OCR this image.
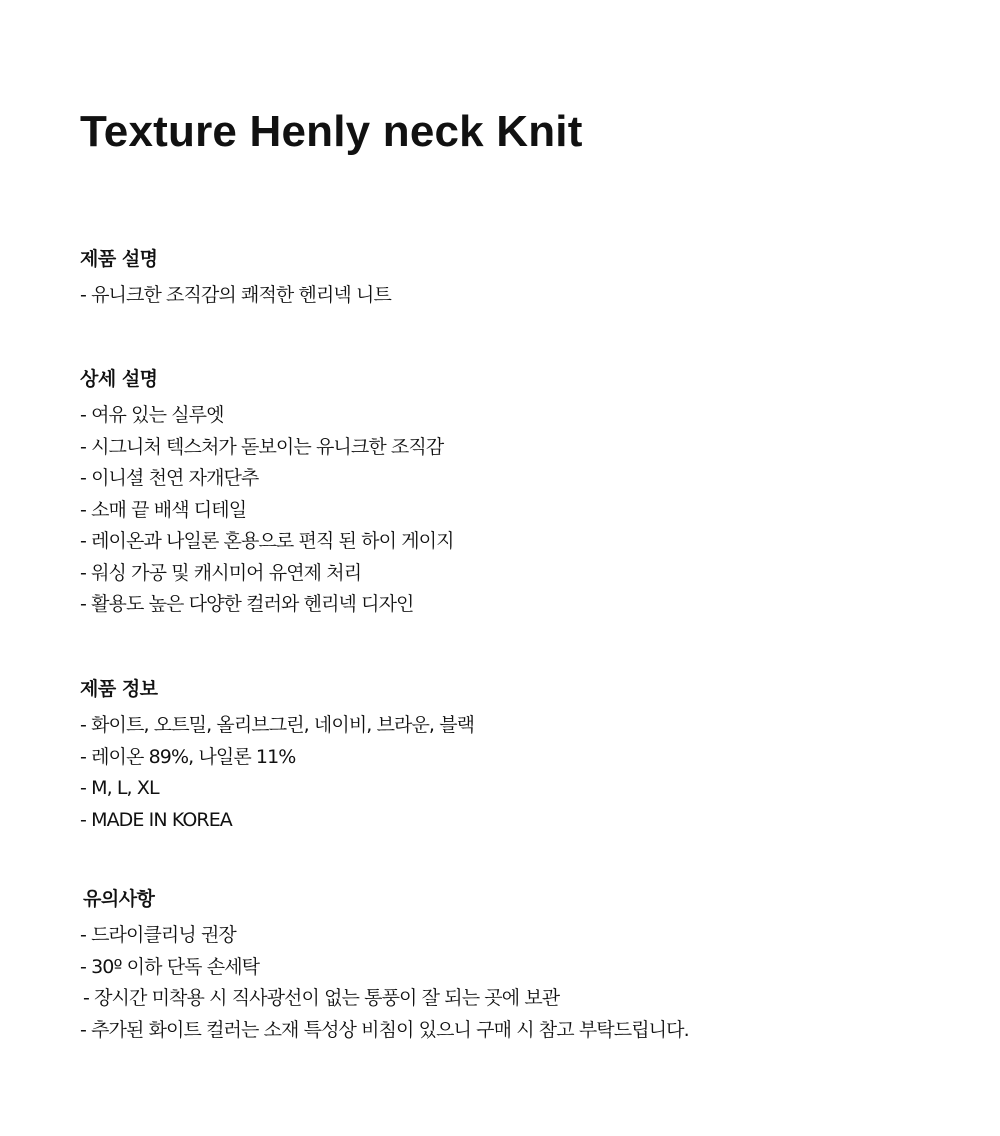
Texture Henly neck Knit
제품 설명
- 유니크한 조직감의 쾌적한 헨리넥 니트
상세 설명
- 여유 있는 실루엣
- 시그니처 텍스처가 돋보이는 유니크한 조직감
- 이니셜 천연 자개단추
- 소매 끝 배색 디테일
- 레이온과 나일론 혼용으로 편직 된 하이 게이지
- 워싱 가공 및 캐시미어 유연제 처리
- 활용도 높은 다양한 컬러와 헨리넥 디자인
제품 정보
- 화이트, 오트밀, 올리브그린, 네이비, 브라운, 블랙
- 레이온 89%, 나일론 11%
- M, L, XL
- MADE IN KOREA
유의사항
- 드라이클리닝 권장
- 30º 이하 단독 손세탁
- 장시간 미착용 시 직사광선이 없는 통풍이 잘 되는 곳에 보관
- 추가된 화이트 컬러는 소재 특성상 비침이 있으니 구매 시 참고 부탁드립니다.
